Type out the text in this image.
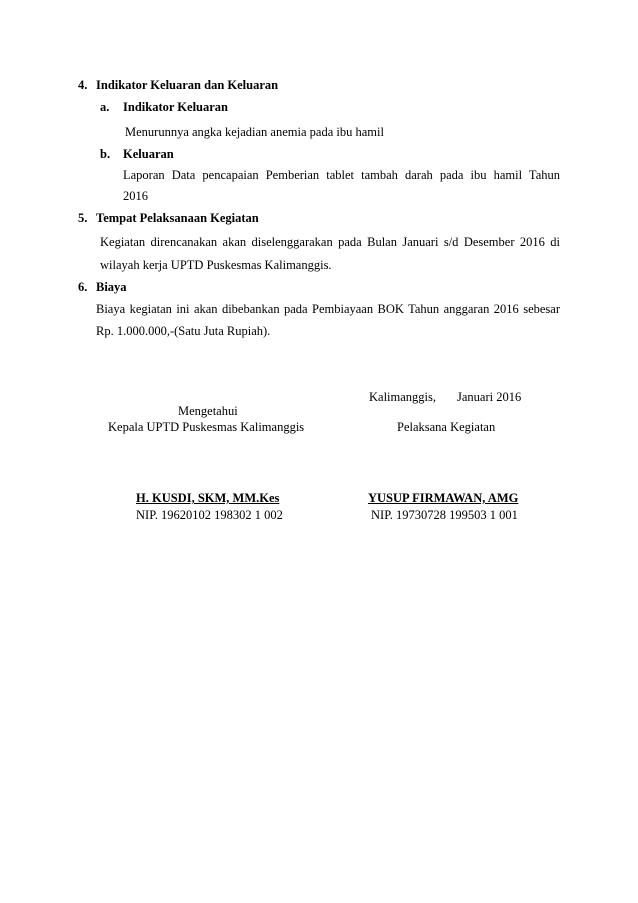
4. Indikator Keluaran dan Keluaran
a. Indikator Keluaran
Menurunnya angka kejadian anemia pada ibu hamil
b. Keluaran
Laporan Data pencapaian Pemberian tablet tambah darah pada ibu hamil Tahun
2016
5. Tempat Pelaksanaan Kegiatan
Kegiatan direncanakan akan diselenggarakan pada Bulan Januari s/d Desember 2016 di
wilayah kerja UPTD Puskesmas Kalimanggis.
6. Biaya
Biaya kegiatan ini akan dibebankan pada Pembiayaan BOK Tahun anggaran 2016 sebesar
Rp. 1.000.000,-(Satu Juta Rupiah).
Kalimanggis, Januari 2016
Mengetahui
Kepala UPTD Puskesmas Kalimanggis	Pelaksana Kegiatan
H. KUSDI, SKM, MM.Kes
NIP. 19620102 198302 1 002
YUSUP FIRMAWAN, AMG
NIP. 19730728 199503 1 001
